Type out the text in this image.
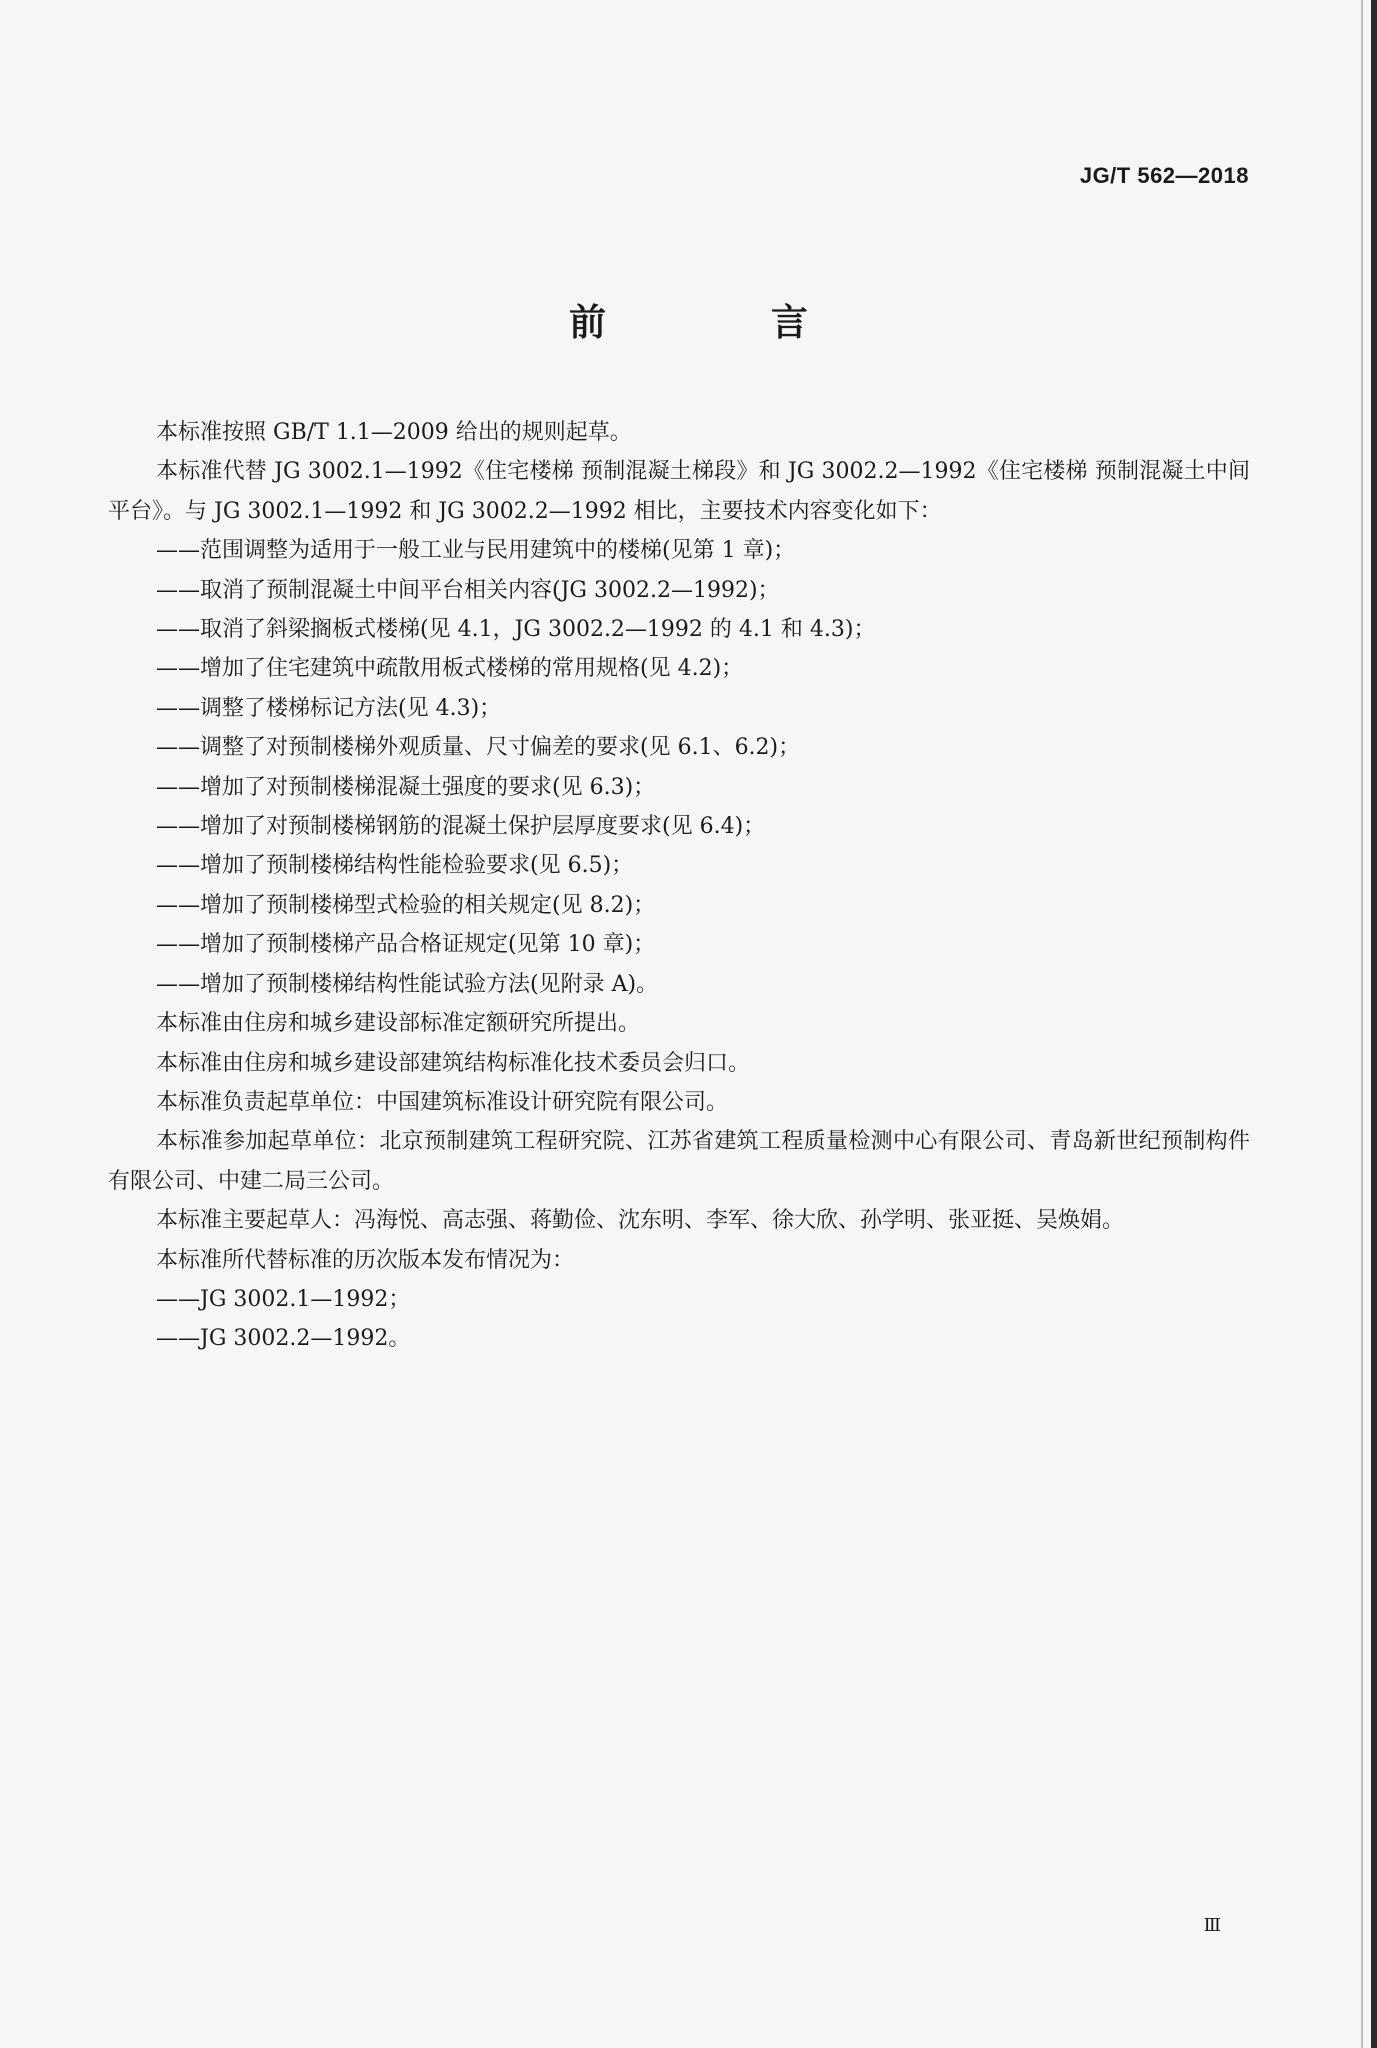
JG/T 562—2018
前 言

本标准按照 GB/T 1.1—2009 给出的规则起草。

本标准代替 JG 3002.1—1992《住宅楼梯 预制混凝土梯段》和 JG 3002.2—1992《住宅楼梯 预制混凝土中间平台》。与 JG 3002.1—1992 和 JG 3002.2—1992 相比，主要技术内容变化如下：

——范围调整为适用于一般工业与民用建筑中的楼梯(见第 1 章)；

——取消了预制混凝土中间平台相关内容(JG 3002.2—1992)；

——取消了斜梁搁板式楼梯(见 4.1，JG 3002.2—1992 的 4.1 和 4.3)；

——增加了住宅建筑中疏散用板式楼梯的常用规格(见 4.2)；

——调整了楼梯标记方法(见 4.3)；

——调整了对预制楼梯外观质量、尺寸偏差的要求(见 6.1、6.2)；

——增加了对预制楼梯混凝土强度的要求(见 6.3)；

——增加了对预制楼梯钢筋的混凝土保护层厚度要求(见 6.4)；

——增加了预制楼梯结构性能检验要求(见 6.5)；

——增加了预制楼梯型式检验的相关规定(见 8.2)；

——增加了预制楼梯产品合格证规定(见第 10 章)；

——增加了预制楼梯结构性能试验方法(见附录 A)。

本标准由住房和城乡建设部标准定额研究所提出。

本标准由住房和城乡建设部建筑结构标准化技术委员会归口。

本标准负责起草单位：中国建筑标准设计研究院有限公司。

本标准参加起草单位：北京预制建筑工程研究院、江苏省建筑工程质量检测中心有限公司、青岛新世纪预制构件有限公司、中建二局三公司。

本标准主要起草人：冯海悦、高志强、蒋勤俭、沈东明、李军、徐大欣、孙学明、张亚挺、吴焕娟。

本标准所代替标准的历次版本发布情况为：

——JG 3002.1—1992；

——JG 3002.2—1992。

Ⅲ
